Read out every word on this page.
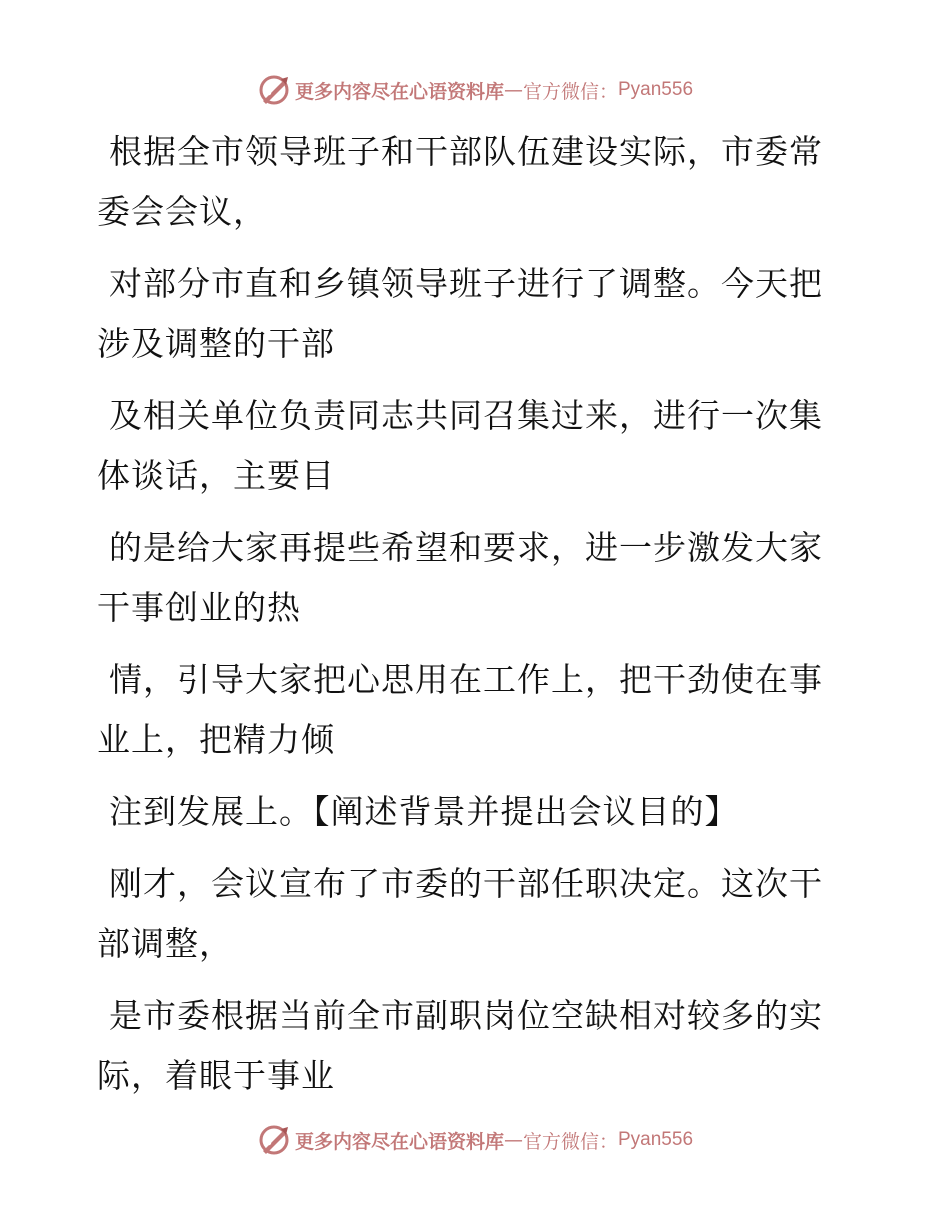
更多内容尽在心语资料库 — 官方微信： Pyan556

根据全市领导班子和干部队伍建设实际，市委常
委会会议，

对部分市直和乡镇领导班子进行了调整。今天把
涉及调整的干部

及相关单位负责同志共同召集过来，进行一次集
体谈话，主要目

的是给大家再提些希望和要求，进一步激发大家
干事创业的热

情，引导大家把心思用在工作上，把干劲使在事
业上，把精力倾

注到发展上。【阐述背景并提出会议目的】

刚才，会议宣布了市委的干部任职决定。这次干
部调整，

是市委根据当前全市副职岗位空缺相对较多的实
际，着眼于事业

更多内容尽在心语资料库 — 官方微信： Pyan556
